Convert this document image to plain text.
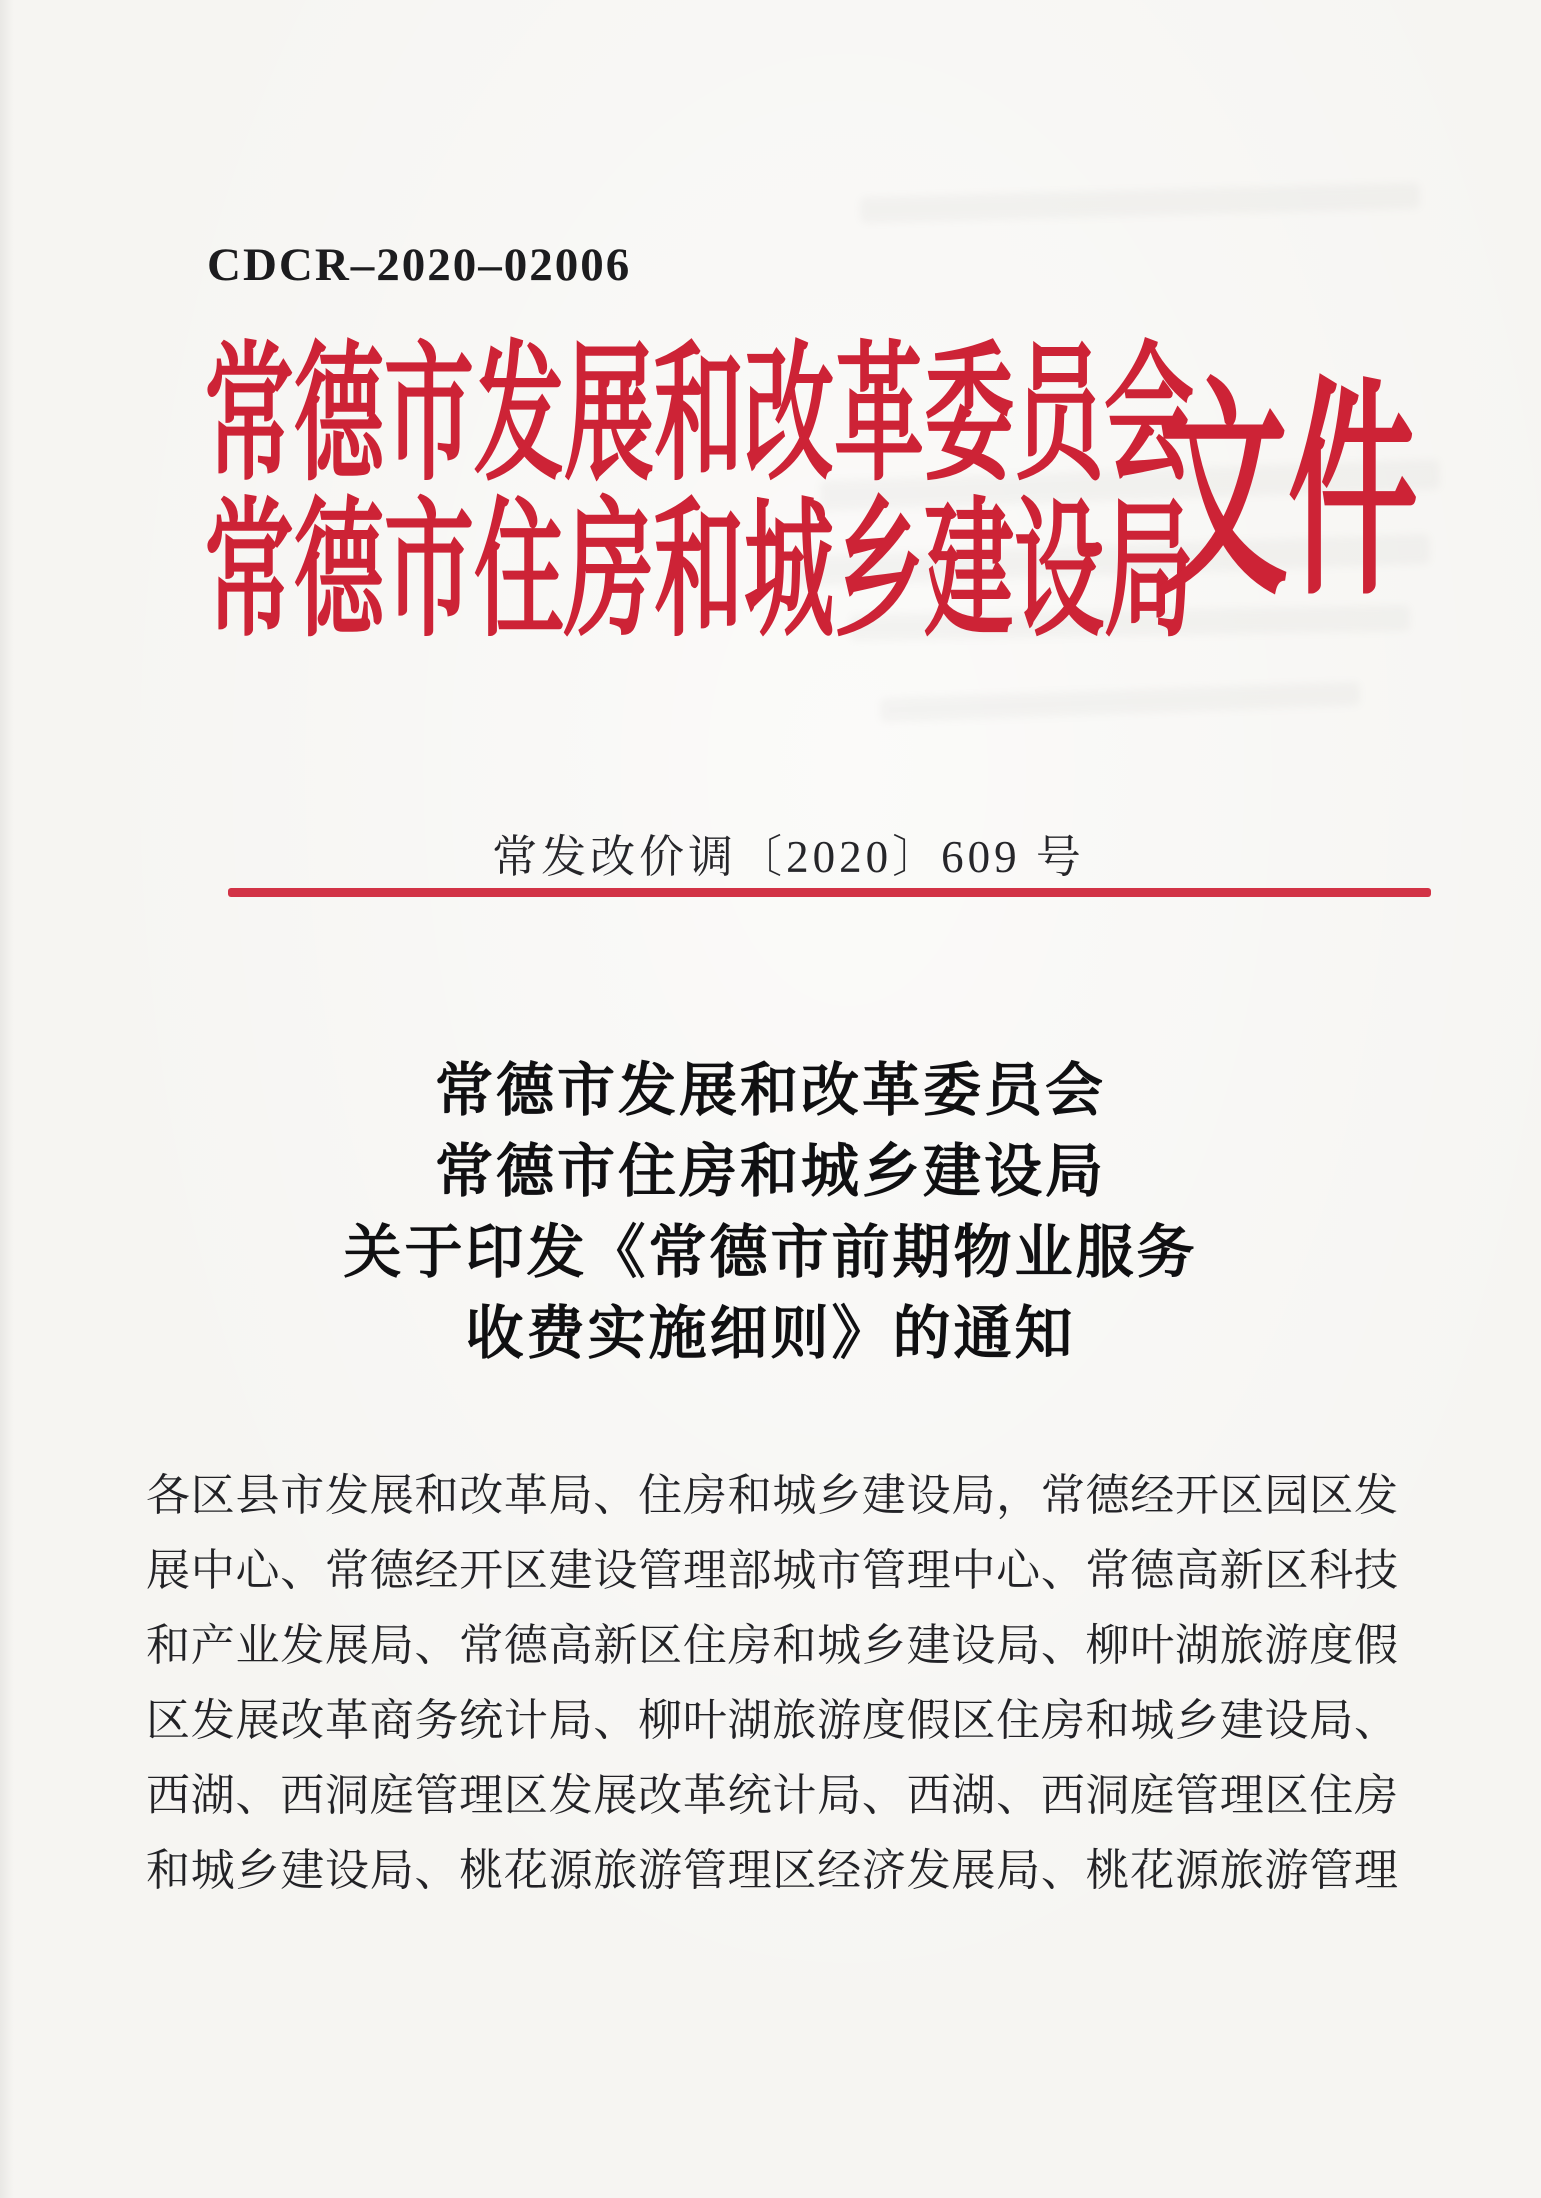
CDCR–2020–02006
常德市发展和改革委员会
常德市住房和城乡建设局
文件
常发改价调〔2020〕609 号
常德市发展和改革委员会
常德市住房和城乡建设局
关于印发《常德市前期物业服务
收费实施细则》的通知
各区县市发展和改革局、住房和城乡建设局，常德经开区园区发
展中心、常德经开区建设管理部城市管理中心、常德高新区科技
和产业发展局、常德高新区住房和城乡建设局、柳叶湖旅游度假
区发展改革商务统计局、柳叶湖旅游度假区住房和城乡建设局、
西湖、西洞庭管理区发展改革统计局、西湖、西洞庭管理区住房
和城乡建设局、桃花源旅游管理区经济发展局、桃花源旅游管理
